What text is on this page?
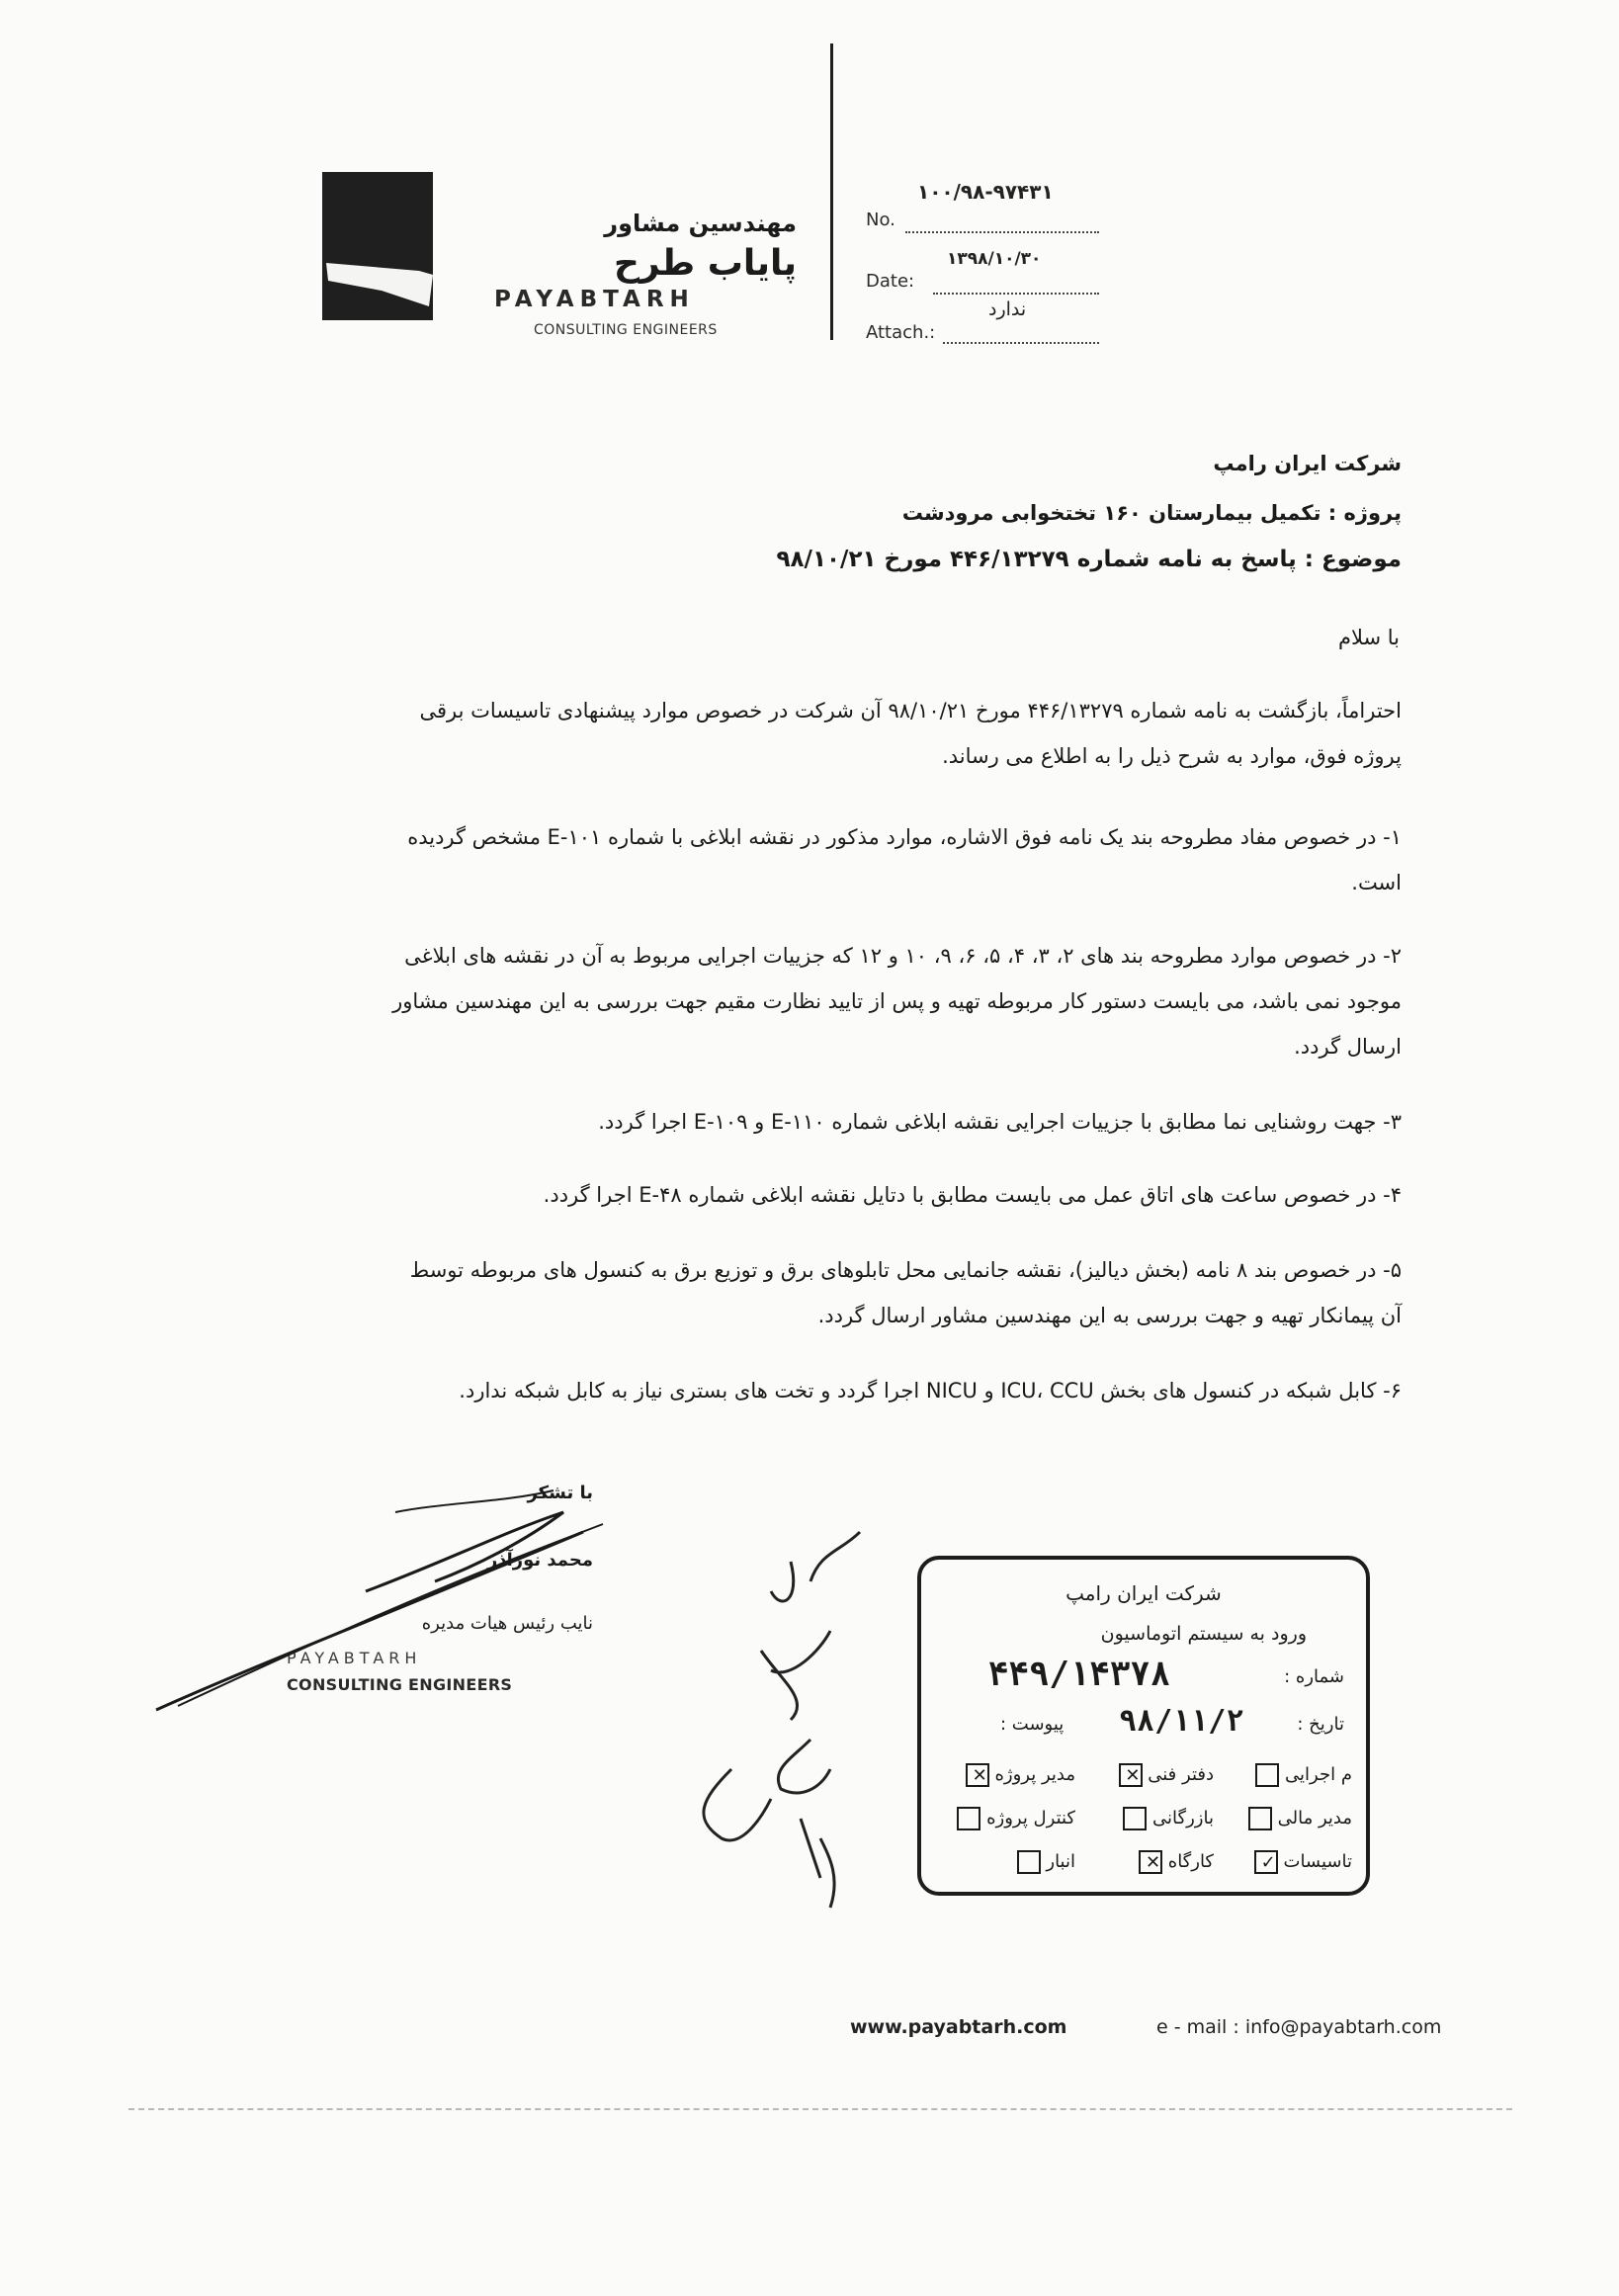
مهندسین مشاور
پایاب طرح
PAYABTARH
CONSULTING ENGINEERS
۱۰۰/۹۸-۹۷۴۳۱
No.
۱۳۹۸/۱۰/۳۰
Date:
ندارد
Attach.:
شرکت ایران رامپ
پروژه : تکمیل بیمارستان ۱۶۰ تختخوابی مرودشت
موضوع : پاسخ به نامه شماره ۴۴۶/۱۳۲۷۹ مورخ ۹۸/۱۰/۲۱
با سلام
احتراماً، بازگشت به نامه شماره ۴۴۶/۱۳۲۷۹ مورخ ۹۸/۱۰/۲۱ آن شرکت در خصوص موارد پیشنهادی تاسیسات برقی
پروژه فوق، موارد به شرح ذیل را به اطلاع می رساند.
۱- در خصوص مفاد مطروحه بند یک نامه فوق الاشاره، موارد مذکور در نقشه ابلاغی با شماره E-۱۰۱ مشخص گردیده
است.
۲- در خصوص موارد مطروحه بند های ۲، ۳، ۴، ۵، ۶، ۹، ۱۰ و ۱۲ که جزییات اجرایی مربوط به آن در نقشه های ابلاغی
موجود نمی باشد، می بایست دستور کار مربوطه تهیه و پس از تایید نظارت مقیم جهت بررسی به این مهندسین مشاور
ارسال گردد.
۳- جهت روشنایی نما مطابق با جزییات اجرایی نقشه ابلاغی شماره E-۱۱۰ و E-۱۰۹ اجرا گردد.
۴- در خصوص ساعت های اتاق عمل می بایست مطابق با دتایل نقشه ابلاغی شماره E-۴۸ اجرا گردد.
۵- در خصوص بند ۸ نامه (بخش دیالیز)، نقشه جانمایی محل تابلوهای برق و توزیع برق به کنسول های مربوطه توسط
آن پیمانکار تهیه و جهت بررسی به این مهندسین مشاور ارسال گردد.
۶- کابل شبکه در کنسول های بخش ICU، CCU و NICU اجرا گردد و تخت های بستری نیاز به کابل شبکه ندارد.
با تشکر
محمد نورآذر
نایب رئیس هیات مدیره
PAYABTARH
CONSULTING ENGINEERS
شرکت ایران رامپ
ورود به سیستم اتوماسیون
شماره :
۴۴۹/۱۴۳۷۸
تاریخ :
۹۸/۱۱/۲
پیوست :
م اجرایی
دفتر فنی ✕
مدیر پروژه ✕
مدیر مالی
بازرگانی
کنترل پروژه
تاسیسات ✓
کارگاه ✕
انبار
www.payabtarh.com	e - mail : info@payabtarh.com
